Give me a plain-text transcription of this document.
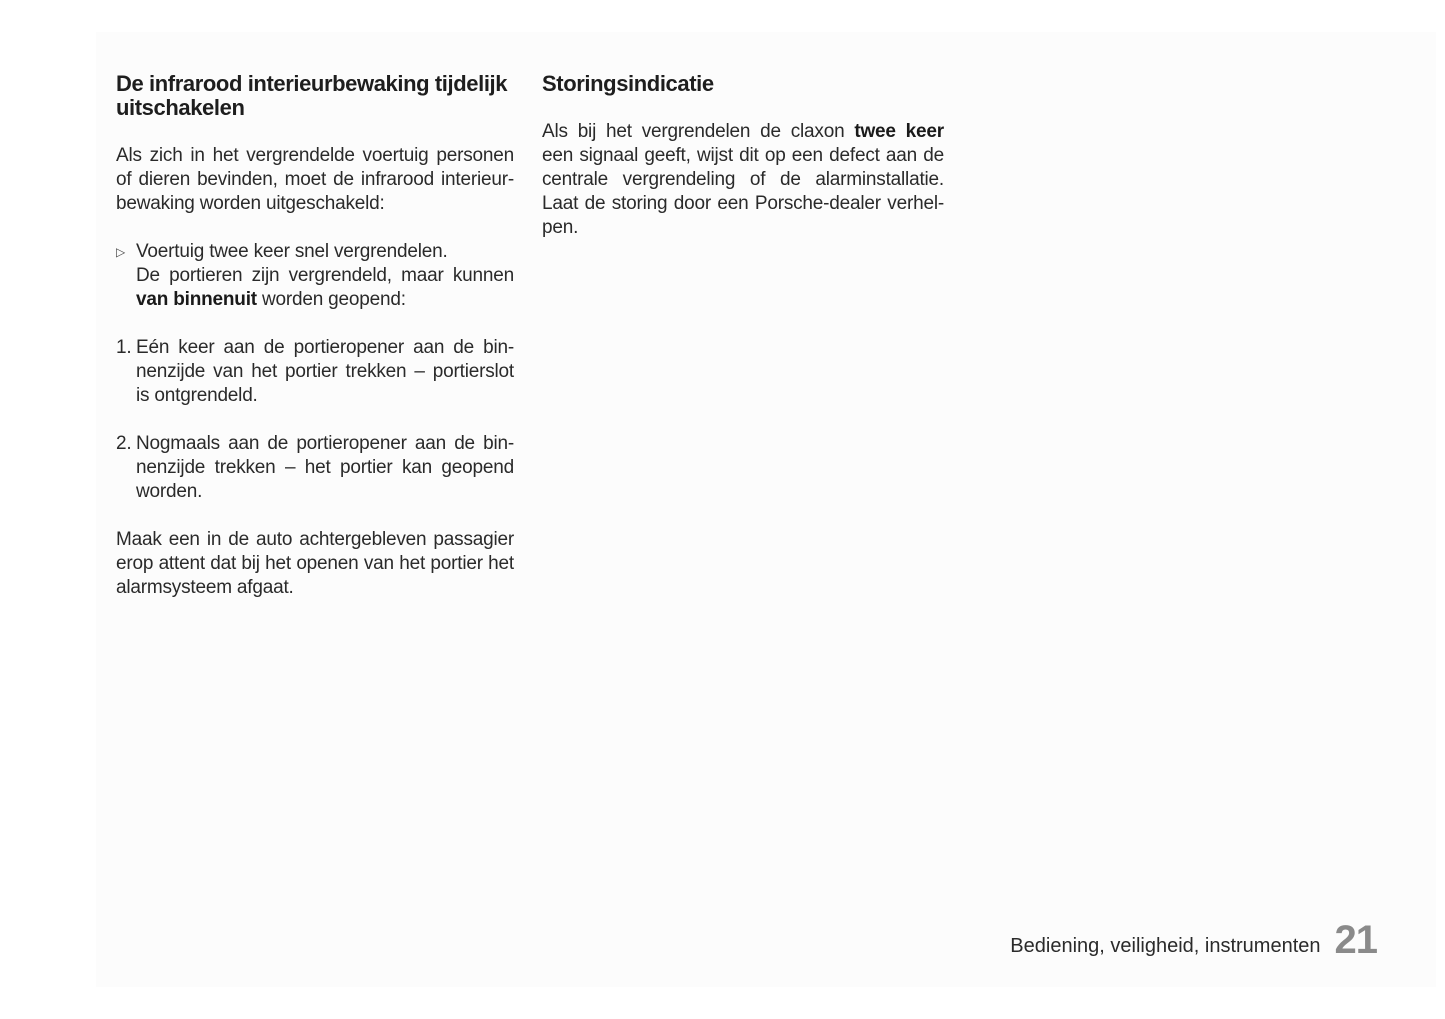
De infrarood interieurbewaking tijdelijk uitschakelen

Als zich in het vergrendelde voertuig personen of dieren bevinden, moet de infrarood interieur-bewaking worden uitgeschakeld:

▷ Voertuig twee keer snel vergrendelen.
De portieren zijn vergrendeld, maar kunnen van binnenuit worden geopend:
1. Eén keer aan de portieropener aan de bin-nenzijde van het portier trekken – portierslot is ontgrendeld.
2. Nogmaals aan de portieropener aan de bin-nenzijde trekken – het portier kan geopend worden.

Maak een in de auto achtergebleven passagier erop attent dat bij het openen van het portier het alarmsysteem afgaat.

Storingsindicatie

Als bij het vergrendelen de claxon twee keer een signaal geeft, wijst dit op een defect aan de centrale vergrendeling of de alarminstallatie. Laat de storing door een Porsche-dealer verhel-pen.

Bediening, veiligheid, instrumenten 21
